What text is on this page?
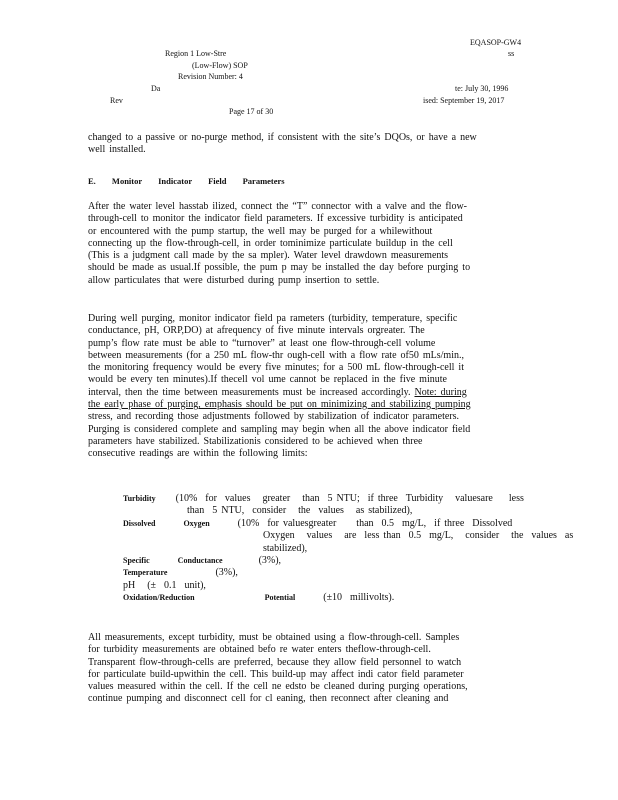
EQASOP-GW4
Region 1 Low-Stre	ss
(Low-Flow) SOP
Revision Number: 4
Da	te: July 30, 1996
Rev	ised: September 19, 2017
Page 17 of 30
changed to a passive or no-purge method, if consistent with the site’s DQOs, or have a new
well installed.
E. Monitor Indicator Field Parameters
After the water level hasstab ilized, connect the “T” connector with a valve and the flow-
through-cell to monitor the indicator field parameters. If excessive turbidity is anticipated
or encountered with the pump startup, the well may be purged for a whilewithout
connecting up the flow-through-cell, in order tominimize particulate buildup in the cell
(This is a judgment call made by the sa mpler). Water level drawdown measurements
should be made as usual.If possible, the pum p may be installed the day before purging to
allow particulates that were disturbed during pump insertion to settle.
During well purging, monitor indicator field pa rameters (turbidity, temperature, specific
conductance, pH, ORP,DO) at afrequency of five minute intervals orgreater. The
pump’s flow rate must be able to “turnover” at least one flow-through-cell volume
between measurements (for a 250 mL flow-thr ough-cell with a flow rate of50 mLs/min.,
the monitoring frequency would be every five minutes; for a 500 mL flow-through-cell it
would be every ten minutes).If thecell vol ume cannot be replaced in the five minute
interval, then the time between measurements must be increased accordingly. Note: during
the early phase of purging, emphasis should be put on minimizing and stabilizing pumping
stress, and recording those adjustments followed by stabilization of indicator parameters.
Purging is considered complete and sampling may begin when all the above indicator field
parameters have stabilized. Stabilizationis considered to be achieved when three
consecutive readings are within the following limits:
Turbidity     (10%  for  values   greater   than  5 NTU;  if three  Turbidity   valuesare    less
than  5 NTU,  consider   the  values   as stabilized),
Dissolved        Oxygen       (10%  for valuesgreater     than  0.5  mg/L,  if three  Dissolved
Oxygen   values   are  less than  0.5  mg/L,   consider   the  values  as
stabilized),
Specific        Conductance         (3%),
Temperature            (3%),
pH   (±  0.1  unit),
Oxidation/Reduction                    Potential       (±10  millivolts).
All measurements, except turbidity, must be obtained using a flow-through-cell. Samples
for turbidity measurements are obtained befo re water enters theflow-through-cell.
Transparent flow-through-cells are preferred, because they allow field personnel to watch
for particulate build-upwithin the cell. This build-up may affect indi cator field parameter
values measured within the cell. If the cell ne edsto be cleaned during purging operations,
continue pumping and disconnect cell for cl eaning, then reconnect after cleaning and
